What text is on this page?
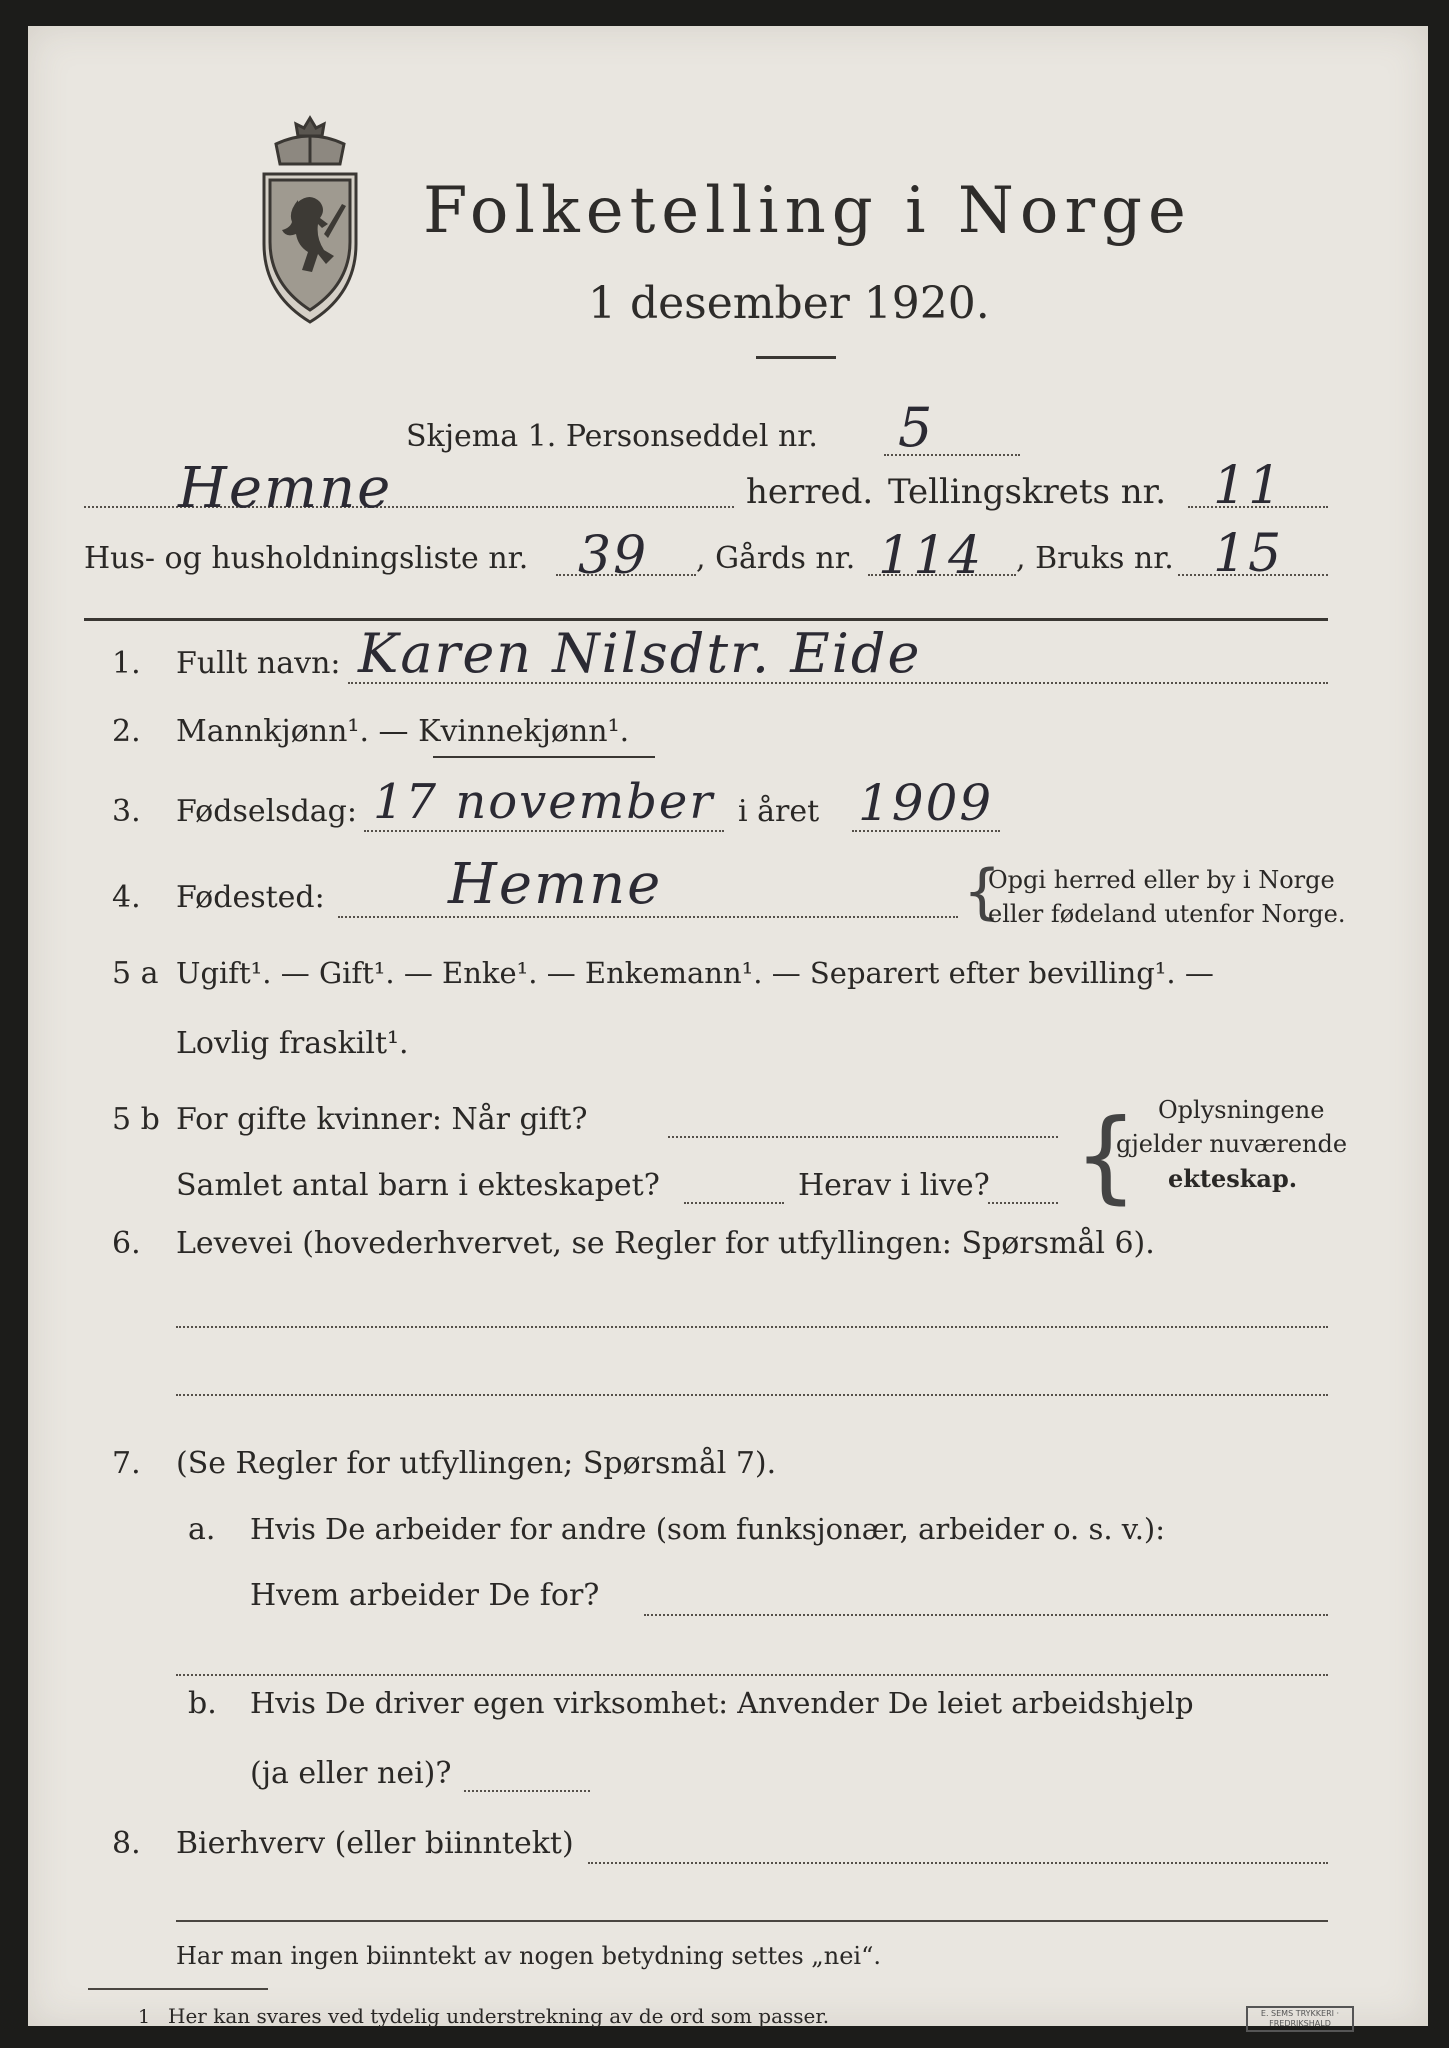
Folketelling i Norge
1 desember 1920.
Skjema 1. Personseddel nr. 5
Hemne	herred. Tellingskrets nr. 11
Hus- og husholdningsliste nr. 39 , Gårds nr. 114 , Bruks nr. 15
1. Fullt navn: Karen Nilsdtr. Eide
2. Mannkjønn¹. — Kvinnekjønn¹.
3. Fødselsdag: 17 november i året 1909
4. Fødested: Hemne	{
Opgi herred eller by i Norge
eller fødeland utenfor Norge.
5 a Ugift¹. — Gift¹. — Enke¹. — Enkemann¹. — Separert efter bevilling¹. —
Lovlig fraskilt¹.
5 b For gifte kvinner: Når gift?
Samlet antal barn i ekteskapet?	Herav i live? { Oplysningene
gjelder nuværende
ekteskap.
6. Levevei (hovederhvervet, se Regler for utfyllingen: Spørsmål 6).
7. (Se Regler for utfyllingen; Spørsmål 7).
a. Hvis De arbeider for andre (som funksjonær, arbeider o. s. v.):
Hvem arbeider De for?
b. Hvis De driver egen virksomhet: Anvender De leiet arbeidshjelp
(ja eller nei)?
8. Bierhverv (eller biinntekt)
Har man ingen biinntekt av nogen betydning settes „nei“.
1 Her kan svares ved tydelig understrekning av de ord som passer.	E. SEMS TRYKKERI · FREDRIKSHALD
